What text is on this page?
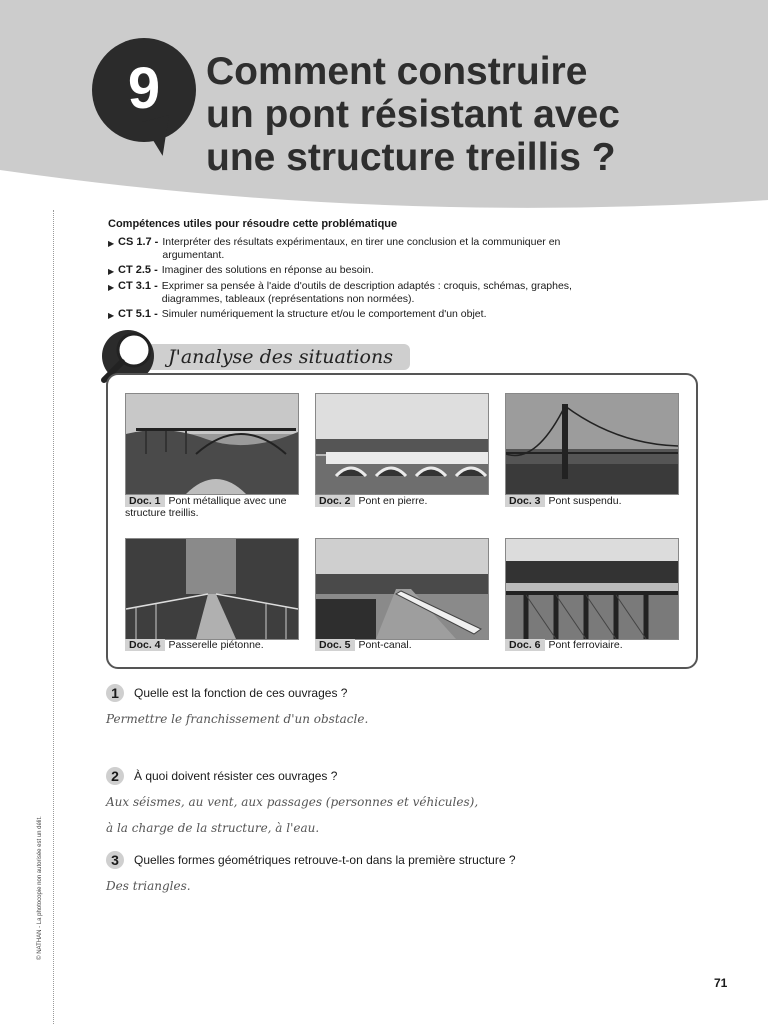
9	Comment construire
un pont résistant avec
une structure treillis ?
Compétences utiles pour résoudre cette problématique
▶ CS 1.7 - Interpréter des résultats expérimentaux, en tirer une conclusion et la communiquer en argumentant.
▶ CT 2.5 - Imaginer des solutions en réponse au besoin.
▶ CT 3.1 - Exprimer sa pensée à l'aide d'outils de description adaptés : croquis, schémas, graphes, diagrammes, tableaux (représentations non normées).
▶ CT 5.1 - Simuler numériquement la structure et/ou le comportement d'un objet.
J'analyse des situations
Doc. 1 Pont métallique avec une structure treillis.
Doc. 2 Pont en pierre.	Doc. 3 Pont suspendu.
Doc. 4 Passerelle piétonne.	Doc. 5 Pont-canal.	Doc. 6 Pont ferroviaire.
1	Quelle est la fonction de ces ouvrages ?
Permettre le franchissement d'un obstacle.
2	À quoi doivent résister ces ouvrages ?
Aux séismes, au vent, aux passages (personnes et véhicules),
à la charge de la structure, à l'eau.
3	Quelles formes géométriques retrouve-t-on dans la première structure ?
Des triangles.
© NATHAN - La photocopie non autorisée est un délit.
71
